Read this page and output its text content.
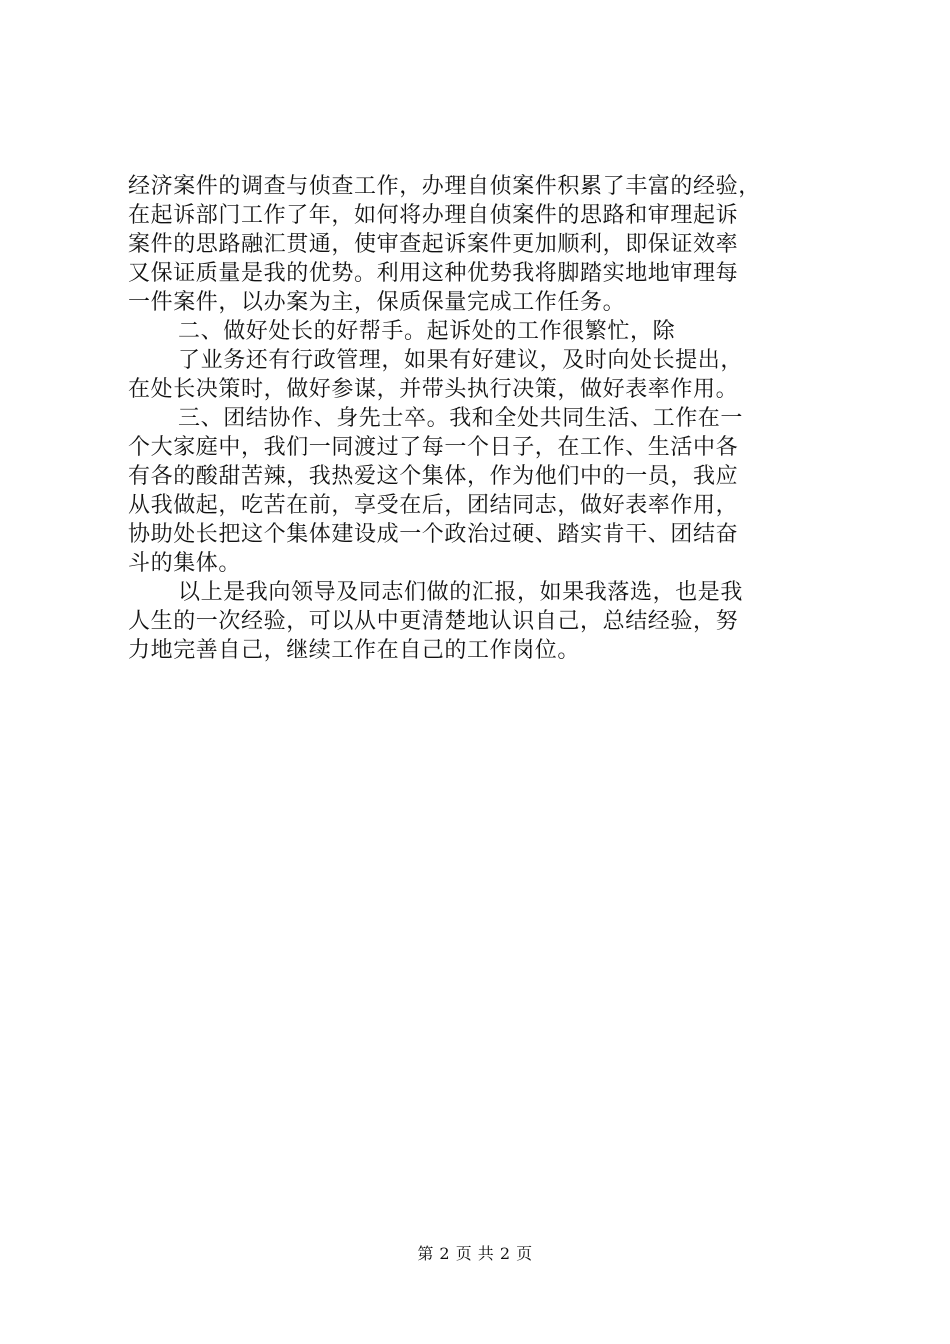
经济案件的调查与侦查工作，办理自侦案件积累了丰富的经验，
在起诉部门工作了年，如何将办理自侦案件的思路和审理起诉
案件的思路融汇贯通，使审查起诉案件更加顺利，即保证效率
又保证质量是我的优势。利用这种优势我将脚踏实地地审理每
一件案件，以办案为主，保质保量完成工作任务。
二、做好处长的好帮手。起诉处的工作很繁忙，除
了业务还有行政管理，如果有好建议，及时向处长提出，
在处长决策时，做好参谋，并带头执行决策，做好表率作用。
三、团结协作、身先士卒。我和全处共同生活、工作在一
个大家庭中，我们一同渡过了每一个日子，在工作、生活中各
有各的酸甜苦辣，我热爱这个集体，作为他们中的一员，我应
从我做起，吃苦在前，享受在后，团结同志，做好表率作用，
协助处长把这个集体建设成一个政治过硬、踏实肯干、团结奋
斗的集体。
以上是我向领导及同志们做的汇报，如果我落选，也是我
人生的一次经验，可以从中更清楚地认识自己，总结经验，努
力地完善自己，继续工作在自己的工作岗位。
第 2 页 共 2 页
